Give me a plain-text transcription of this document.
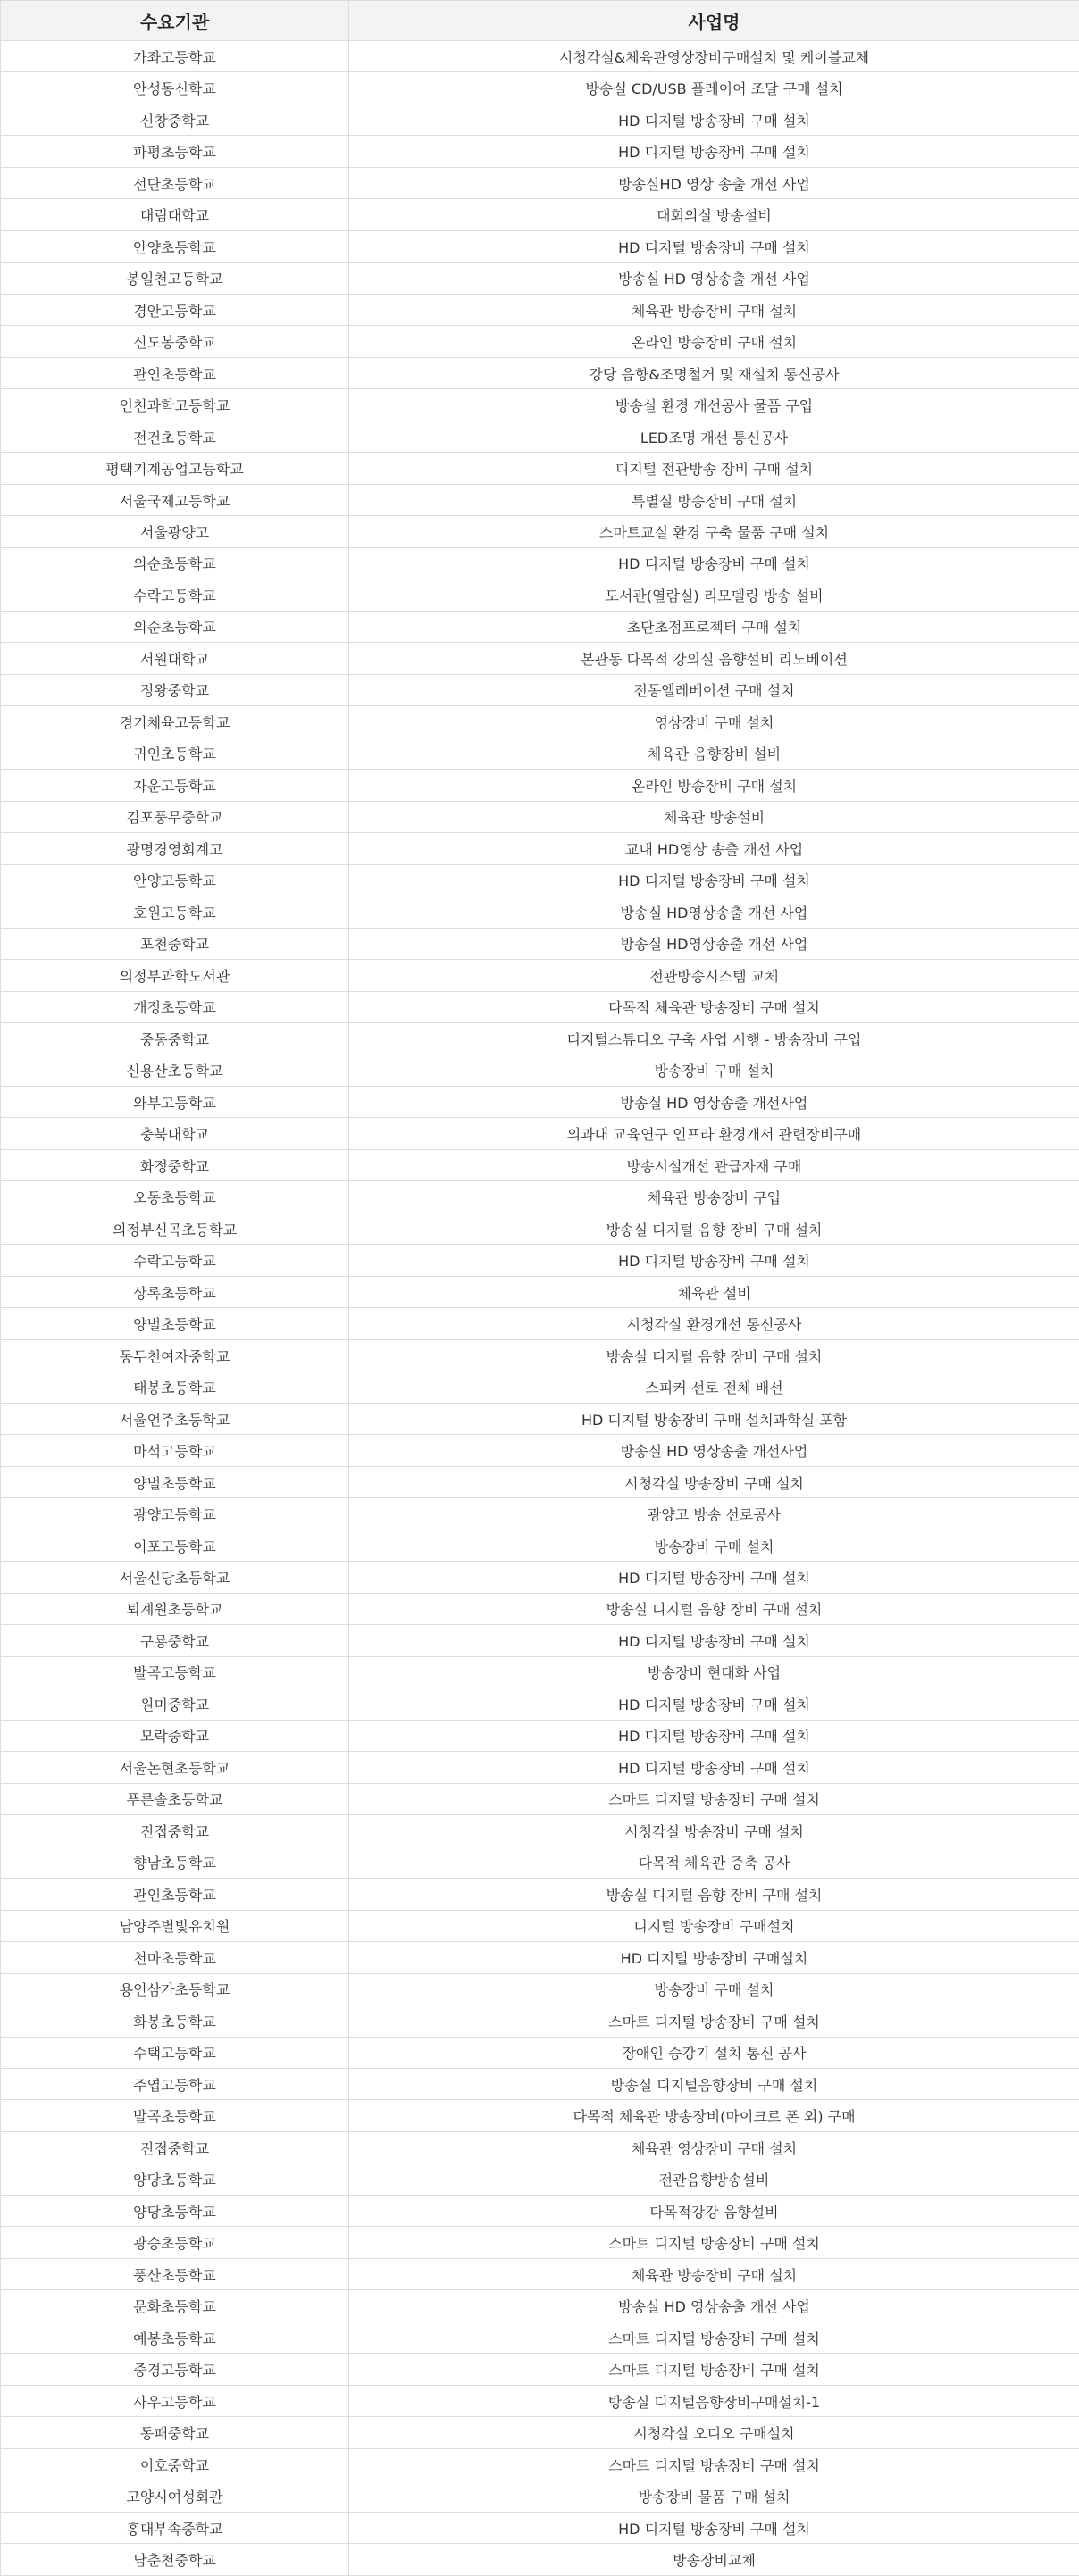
수요기관	사업명
가좌고등학교	시청각실&체육관영상장비구매설치 및 케이블교체
안성동신학교	방송실 CD/USB 플레이어 조달 구매 설치
신창중학교	HD 디지털 방송장비 구매 설치
파평초등학교	HD 디지털 방송장비 구매 설치
선단초등학교	방송실HD 영상 송출 개선 사업
대림대학교	대회의실 방송설비
안양초등학교	HD 디지털 방송장비 구매 설치
봉일천고등학교	방송실 HD 영상송출 개선 사업
경안고등학교	체육관 방송장비 구매 설치
신도봉중학교	온라인 방송장비 구매 설치
관인초등학교	강당 음향&조명철거 및 재설치 통신공사
인천과학고등학교	방송실 환경 개선공사 물품 구입
전건초등학교	LED조명 개선 통신공사
평택기계공업고등학교	디지털 전관방송 장비 구매 설치
서울국제고등학교	특별실 방송장비 구매 설치
서울광양고	스마트교실 환경 구축 물품 구매 설치
의순초등학교	HD 디지털 방송장비 구매 설치
수락고등학교	도서관(열람실) 리모델링 방송 설비
의순초등학교	초단초점프로젝터 구매 설치
서원대학교	본관동 다목적 강의실 음향설비 리노베이션
정왕중학교	전동엘레베이션 구매 설치
경기체육고등학교	영상장비 구매 설치
귀인초등학교	체육관 음향장비 설비
자운고등학교	온라인 방송장비 구매 설치
김포풍무중학교	체육관 방송설비
광명경영회계고	교내 HD영상 송출 개선 사업
안양고등학교	HD 디지털 방송장비 구매 설치
호원고등학교	방송실 HD영상송출 개선 사업
포천중학교	방송실 HD영상송출 개선 사업
의정부과학도서관	전관방송시스템 교체
개정초등학교	다목적 체육관 방송장비 구매 설치
중동중학교	디지털스튜디오 구축 사업 시행 - 방송장비 구입
신용산초등학교	방송장비 구매 설치
와부고등학교	방송실 HD 영상송출 개선사업
충북대학교	의과대 교육연구 인프라 환경개서 관련장비구매
화정중학교	방송시설개선 관급자재 구매
오동초등학교	체육관 방송장비 구입
의정부신곡초등학교	방송실 디지털 음향 장비 구매 설치
수락고등학교	HD 디지털 방송장비 구매 설치
상록초등학교	체육관 설비
양벌초등학교	시청각실 환경개선 통신공사
동두천여자중학교	방송실 디지털 음향 장비 구매 설치
태봉초등학교	스피커 선로 전체 배선
서울언주초등학교	HD 디지털 방송장비 구매 설치과학실 포함
마석고등학교	방송실 HD 영상송출 개선사업
양벌초등학교	시청각실 방송장비 구매 설치
광양고등학교	광양고 방송 선로공사
이포고등학교	방송장비 구매 설치
서울신당초등학교	HD 디지털 방송장비 구매 설치
퇴계원초등학교	방송실 디지털 음향 장비 구매 설치
구룡중학교	HD 디지털 방송장비 구매 설치
발곡고등학교	방송장비 현대화 사업
원미중학교	HD 디지털 방송장비 구매 설치
모락중학교	HD 디지털 방송장비 구매 설치
서울논현초등학교	HD 디지털 방송장비 구매 설치
푸른솔초등학교	스마트 디지털 방송장비 구매 설치
진접중학교	시청각실 방송장비 구매 설치
향남초등학교	다목적 체육관 증축 공사
관인초등학교	방송실 디지털 음향 장비 구매 설치
남양주별빛유치원	디지털 방송장비 구매설치
천마초등학교	HD 디지털 방송장비 구매설치
용인삼가초등학교	방송장비 구매 설치
화봉초등학교	스마트 디지털 방송장비 구매 설치
수택고등학교	장애인 승강기 설치 통신 공사
주엽고등학교	방송실 디지털음향장비 구매 설치
발곡초등학교	다목적 체육관 방송장비(마이크로 폰 외) 구매
진접중학교	체육관 영상장비 구매 설치
양당초등학교	전관음향방송설비
양당초등학교	다목적강강 음향설비
광승초등학교	스마트 디지털 방송장비 구매 설치
풍산초등학교	체육관 방송장비 구매 설치
문화초등학교	방송실 HD 영상송출 개선 사업
예봉초등학교	스마트 디지털 방송장비 구매 설치
중경고등학교	스마트 디지털 방송장비 구매 설치
사우고등학교	방송실 디지털음향장비구매설치-1
동패중학교	시청각실 오디오 구매설치
이호중학교	스마트 디지털 방송장비 구매 설치
고양시여성회관	방송장비 물품 구매 설치
홍대부속중학교	HD 디지털 방송장비 구매 설치
남춘천중학교	방송장비교체
